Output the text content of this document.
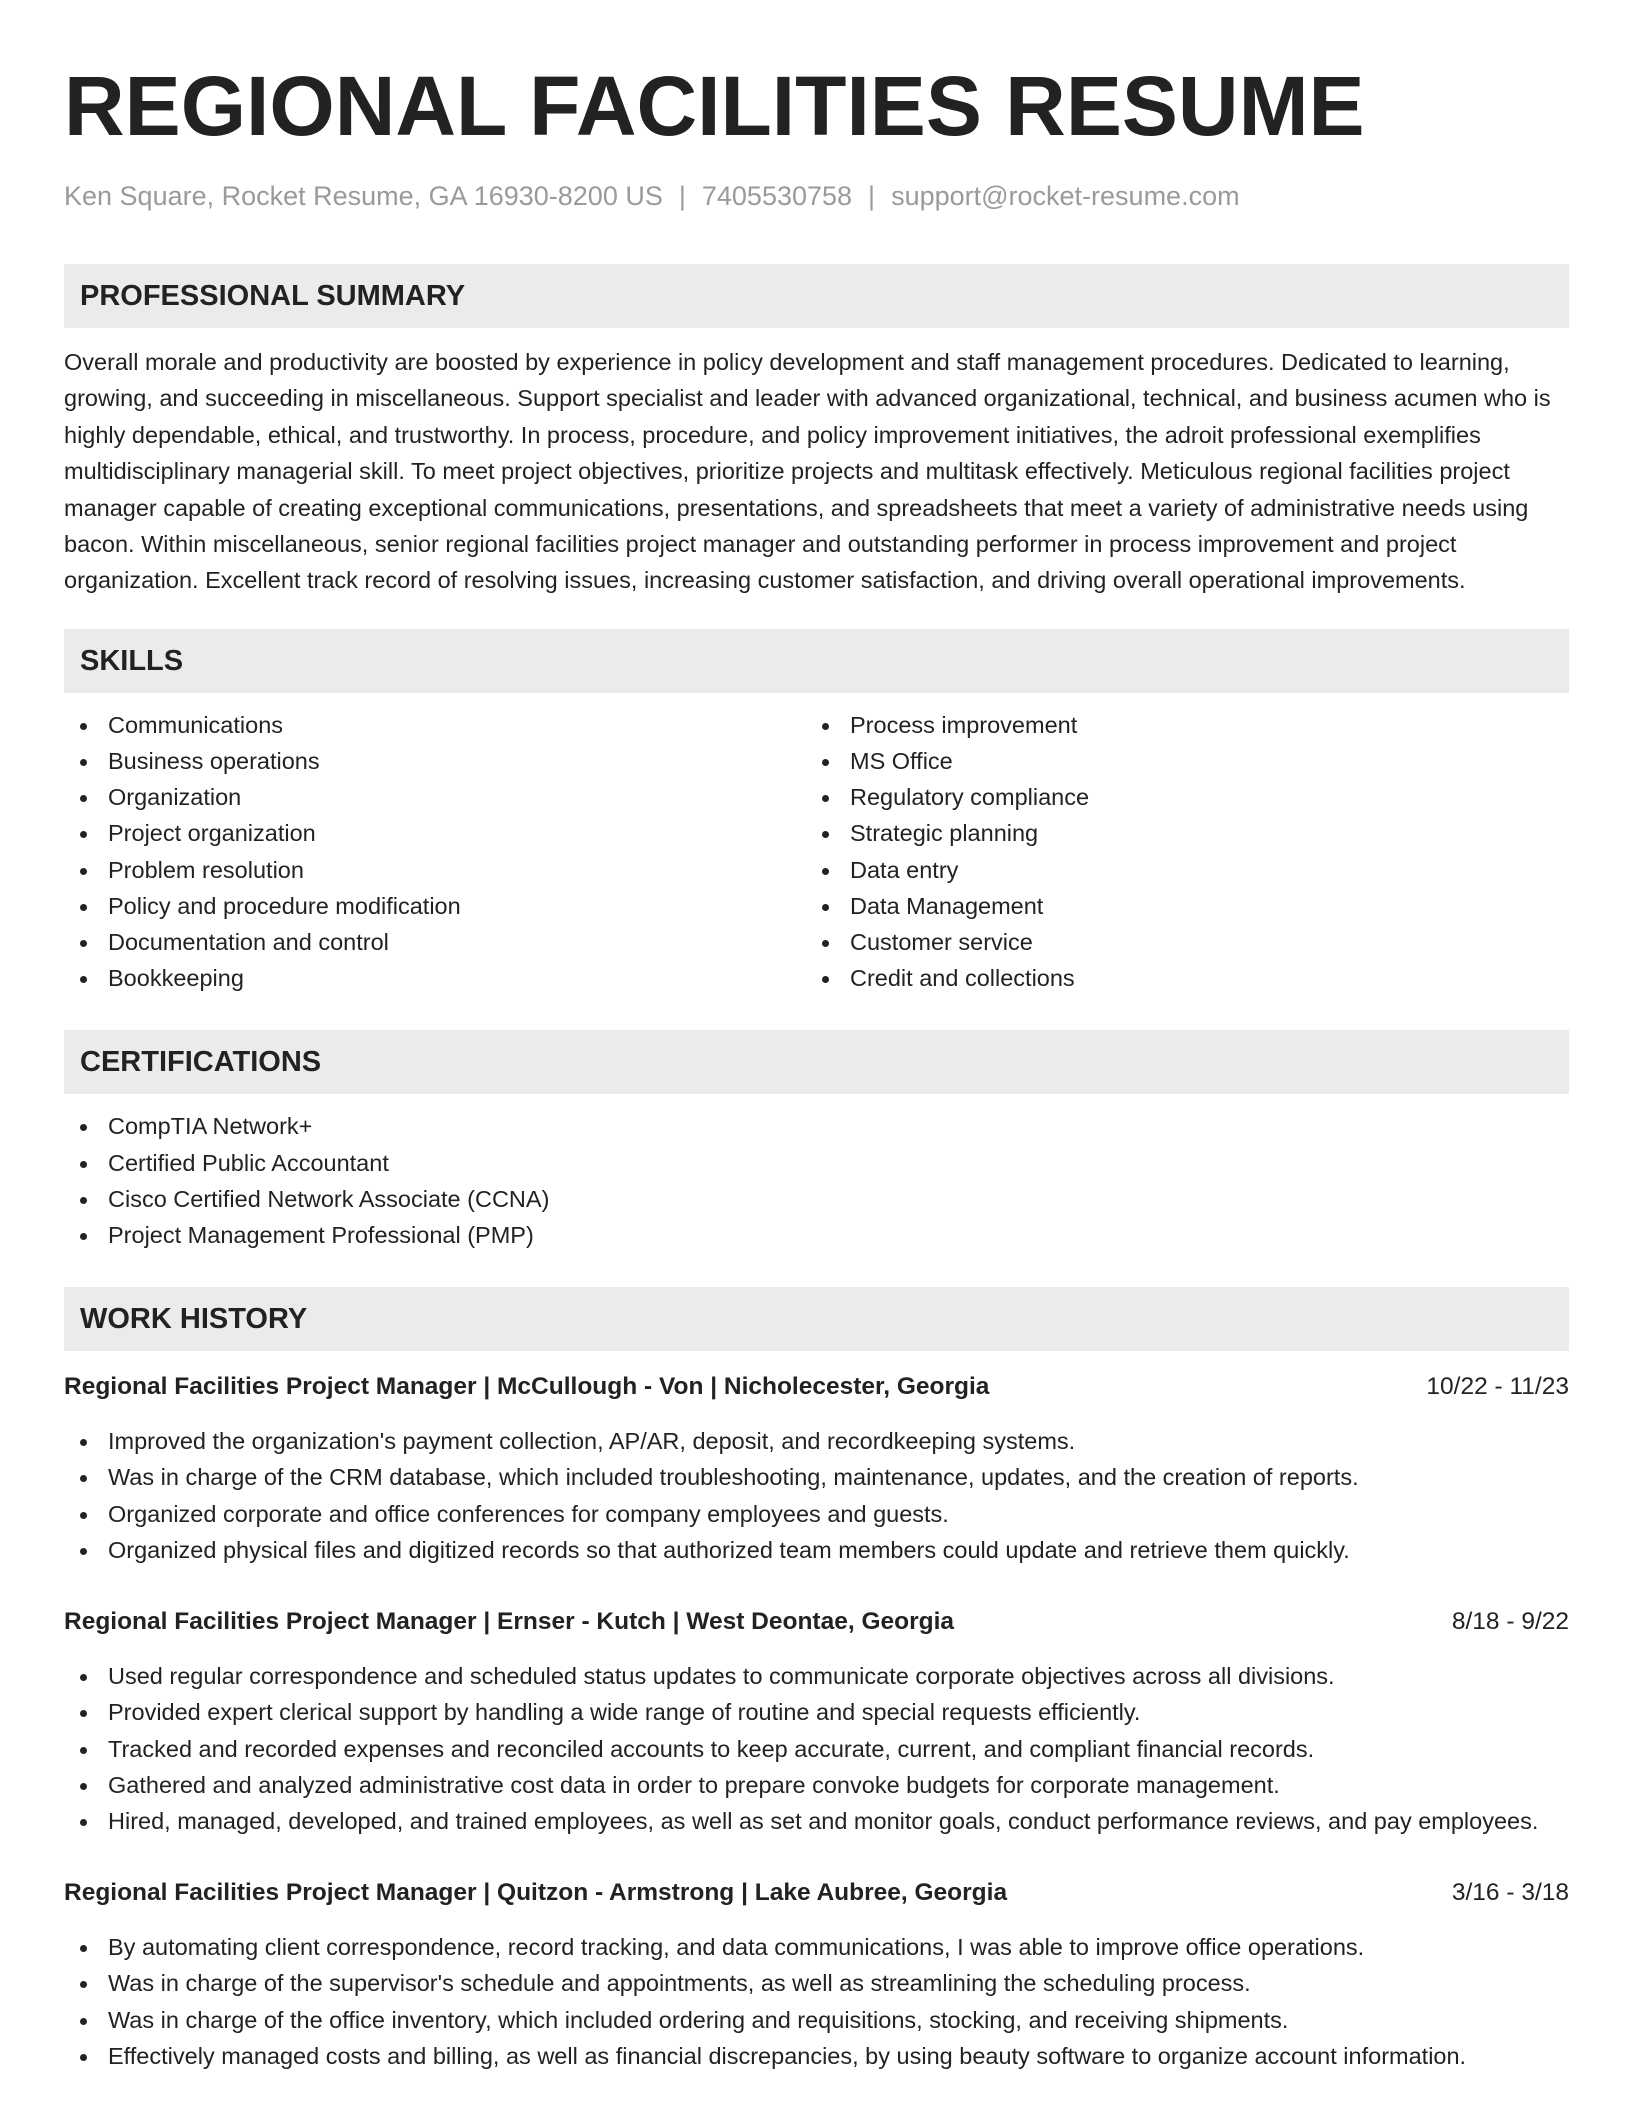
REGIONAL FACILITIES RESUME
Ken Square, Rocket Resume, GA 16930-8200 US | 7405530758 | support@rocket-resume.com
PROFESSIONAL SUMMARY

Overall morale and productivity are boosted by experience in policy development and staff management procedures. Dedicated to learning, growing, and succeeding in miscellaneous. Support specialist and leader with advanced organizational, technical, and business acumen who is highly dependable, ethical, and trustworthy. In process, procedure, and policy improvement initiatives, the adroit professional exemplifies multidisciplinary managerial skill. To meet project objectives, prioritize projects and multitask effectively. Meticulous regional facilities project manager capable of creating exceptional communications, presentations, and spreadsheets that meet a variety of administrative needs using bacon. Within miscellaneous, senior regional facilities project manager and outstanding performer in process improvement and project organization. Excellent track record of resolving issues, increasing customer satisfaction, and driving overall operational improvements.

SKILLS
Communications
Business operations
Organization
Project organization
Problem resolution
Policy and procedure modification
Documentation and control
Bookkeeping
Process improvement
MS Office
Regulatory compliance
Strategic planning
Data entry
Data Management
Customer service
Credit and collections
CERTIFICATIONS
CompTIA Network+
Certified Public Accountant
Cisco Certified Network Associate (CCNA)
Project Management Professional (PMP)
WORK HISTORY
Regional Facilities Project Manager | McCullough - Von | Nicholecester, Georgia	10/22 - 11/23
Improved the organization's payment collection, AP/AR, deposit, and recordkeeping systems.
Was in charge of the CRM database, which included troubleshooting, maintenance, updates, and the creation of reports.
Organized corporate and office conferences for company employees and guests.
Organized physical files and digitized records so that authorized team members could update and retrieve them quickly.
Regional Facilities Project Manager | Ernser - Kutch | West Deontae, Georgia	8/18 - 9/22
Used regular correspondence and scheduled status updates to communicate corporate objectives across all divisions.
Provided expert clerical support by handling a wide range of routine and special requests efficiently.
Tracked and recorded expenses and reconciled accounts to keep accurate, current, and compliant financial records.
Gathered and analyzed administrative cost data in order to prepare convoke budgets for corporate management.
Hired, managed, developed, and trained employees, as well as set and monitor goals, conduct performance reviews, and pay employees.
Regional Facilities Project Manager | Quitzon - Armstrong | Lake Aubree, Georgia	3/16 - 3/18
By automating client correspondence, record tracking, and data communications, I was able to improve office operations.
Was in charge of the supervisor's schedule and appointments, as well as streamlining the scheduling process.
Was in charge of the office inventory, which included ordering and requisitions, stocking, and receiving shipments.
Effectively managed costs and billing, as well as financial discrepancies, by using beauty software to organize account information.
